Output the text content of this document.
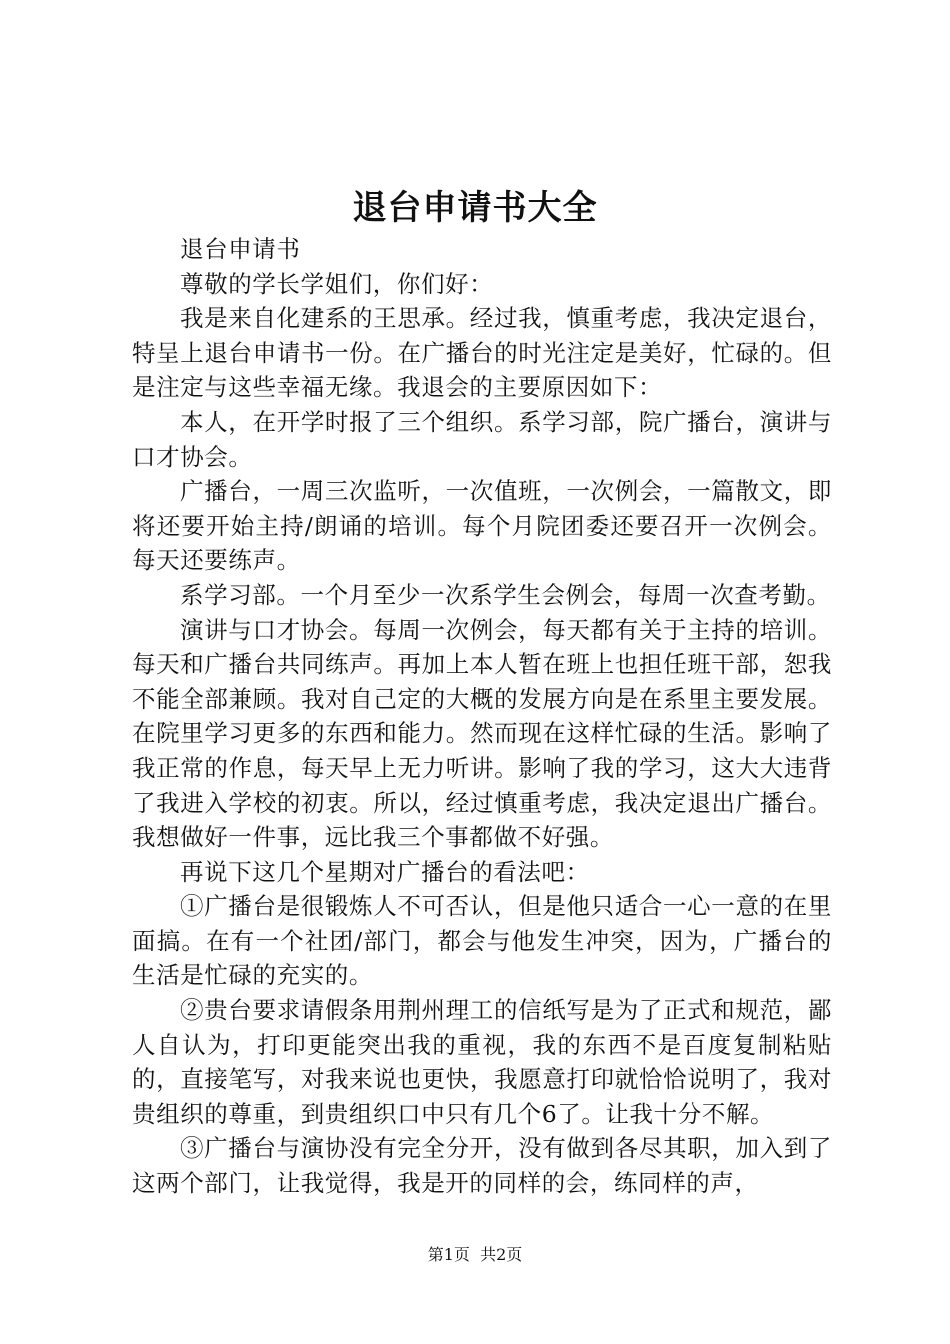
退台申请书大全

退台申请书

尊敬的学长学姐们，你们好：

我是来自化建系的王思承。经过我，慎重考虑，我决定退台，特呈上退台申请书一份。在广播台的时光注定是美好，忙碌的。但是注定与这些幸福无缘。我退会的主要原因如下：

本人，在开学时报了三个组织。系学习部，院广播台，演讲与口才协会。

广播台，一周三次监听，一次值班，一次例会，一篇散文，即将还要开始主持/朗诵的培训。每个月院团委还要召开一次例会。每天还要练声。

系学习部。一个月至少一次系学生会例会，每周一次查考勤。

演讲与口才协会。每周一次例会，每天都有关于主持的培训。每天和广播台共同练声。再加上本人暂在班上也担任班干部，恕我不能全部兼顾。我对自己定的大概的发展方向是在系里主要发展。在院里学习更多的东西和能力。然而现在这样忙碌的生活。影响了我正常的作息，每天早上无力听讲。影响了我的学习，这大大违背了我进入学校的初衷。所以，经过慎重考虑，我决定退出广播台。我想做好一件事，远比我三个事都做不好强。

再说下这几个星期对广播台的看法吧：

①广播台是很锻炼人不可否认，但是他只适合一心一意的在里面搞。在有一个社团/部门，都会与他发生冲突，因为，广播台的生活是忙碌的充实的。

②贵台要求请假条用荆州理工的信纸写是为了正式和规范，鄙人自认为，打印更能突出我的重视，我的东西不是百度复制粘贴的，直接笔写，对我来说也更快，我愿意打印就恰恰说明了，我对贵组织的尊重，到贵组织口中只有几个6了。让我十分不解。

③广播台与演协没有完全分开，没有做到各尽其职，加入到了这两个部门，让我觉得，我是开的同样的会，练同样的声，

第1页  共2页
